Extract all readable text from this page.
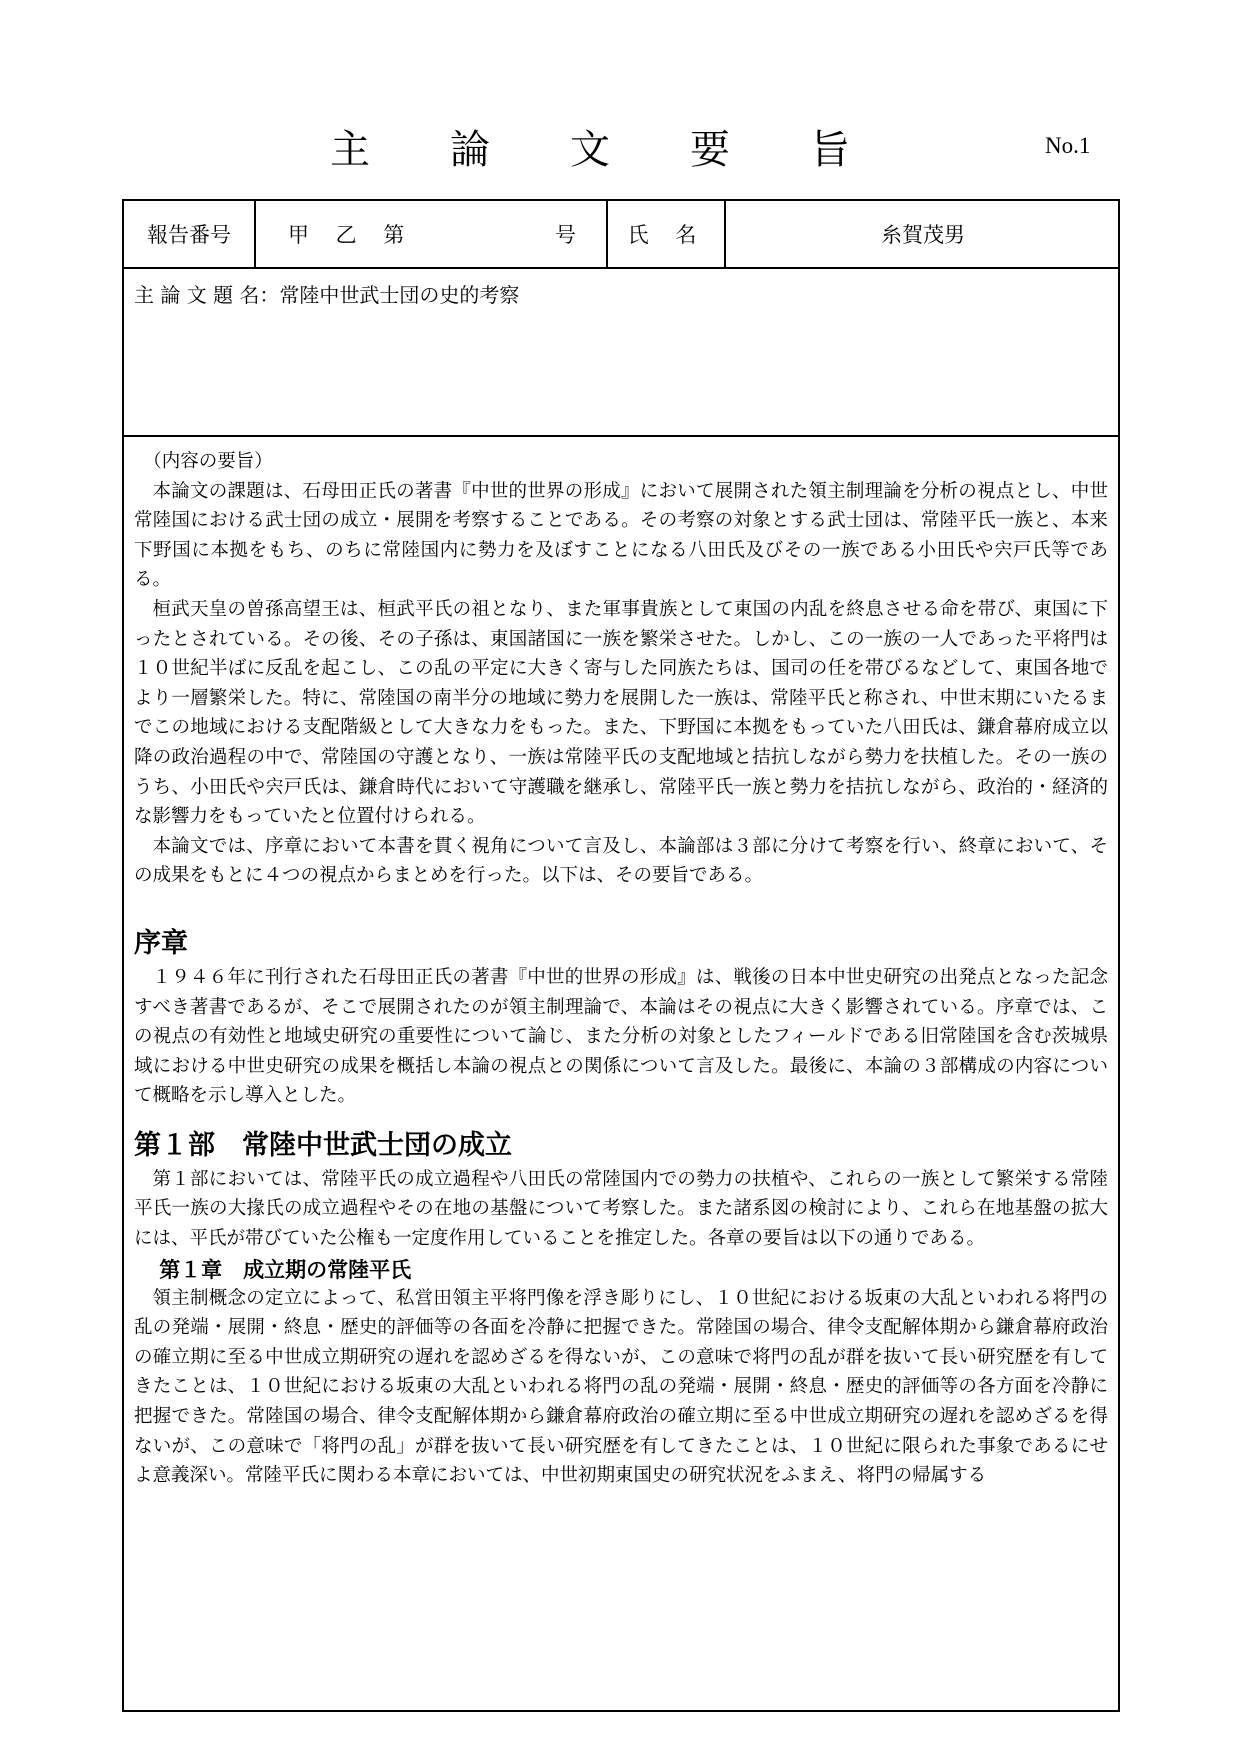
主論文要旨	No.1
報告番号	甲 乙 第　　　　 号 氏 名	糸賀茂男
主 論 文 題 名：常陸中世武士団の史的考察
（内容の要旨）

本論文の課題は、石母田正氏の著書『中世的世界の形成』において展開された領主制理論を分析の視点とし、中世常陸国における武士団の成立・展開を考察することである。その考察の対象とする武士団は、常陸平氏一族と、本来下野国に本拠をもち、のちに常陸国内に勢力を及ぼすことになる八田氏及びその一族である小田氏や宍戸氏等である。

桓武天皇の曽孫高望王は、桓武平氏の祖となり、また軍事貴族として東国の内乱を終息させる命を帯び、東国に下ったとされている。その後、その子孫は、東国諸国に一族を繁栄させた。しかし、この一族の一人であった平将門は１０世紀半ばに反乱を起こし、この乱の平定に大きく寄与した同族たちは、国司の任を帯びるなどして、東国各地でより一層繁栄した。特に、常陸国の南半分の地域に勢力を展開した一族は、常陸平氏と称され、中世末期にいたるまでこの地域における支配階級として大きな力をもった。また、下野国に本拠をもっていた八田氏は、鎌倉幕府成立以降の政治過程の中で、常陸国の守護となり、一族は常陸平氏の支配地域と拮抗しながら勢力を扶植した。その一族のうち、小田氏や宍戸氏は、鎌倉時代において守護職を継承し、常陸平氏一族と勢力を拮抗しながら、政治的・経済的な影響力をもっていたと位置付けられる。

本論文では、序章において本書を貫く視角について言及し、本論部は３部に分けて考察を行い、終章において、その成果をもとに４つの視点からまとめを行った。以下は、その要旨である。

序章

１９４６年に刊行された石母田正氏の著書『中世的世界の形成』は、戦後の日本中世史研究の出発点となった記念すべき著書であるが、そこで展開されたのが領主制理論で、本論はその視点に大きく影響されている。序章では、この視点の有効性と地域史研究の重要性について論じ、また分析の対象としたフィールドである旧常陸国を含む茨城県域における中世史研究の成果を概括し本論の視点との関係について言及した。最後に、本論の３部構成の内容について概略を示し導入とした。

第１部　常陸中世武士団の成立

第１部においては、常陸平氏の成立過程や八田氏の常陸国内での勢力の扶植や、これらの一族として繁栄する常陸平氏一族の大掾氏の成立過程やその在地の基盤について考察した。また諸系図の検討により、これら在地基盤の拡大には、平氏が帯びていた公権も一定度作用していることを推定した。各章の要旨は以下の通りである。

第１章　成立期の常陸平氏

領主制概念の定立によって、私営田領主平将門像を浮き彫りにし、１０世紀における坂東の大乱といわれる将門の乱の発端・展開・終息・歴史的評価等の各面を冷静に把握できた。常陸国の場合、律令支配解体期から鎌倉幕府政治の確立期に至る中世成立期研究の遅れを認めざるを得ないが、この意味で将門の乱が群を抜いて長い研究歴を有してきたことは、１０世紀における坂東の大乱といわれる将門の乱の発端・展開・終息・歴史的評価等の各方面を冷静に把握できた。常陸国の場合、律令支配解体期から鎌倉幕府政治の確立期に至る中世成立期研究の遅れを認めざるを得ないが、この意味で「将門の乱」が群を抜いて長い研究歴を有してきたことは、１０世紀に限られた事象であるにせよ意義深い。常陸平氏に関わる本章においては、中世初期東国史の研究状況をふまえ、将門の帰属する
